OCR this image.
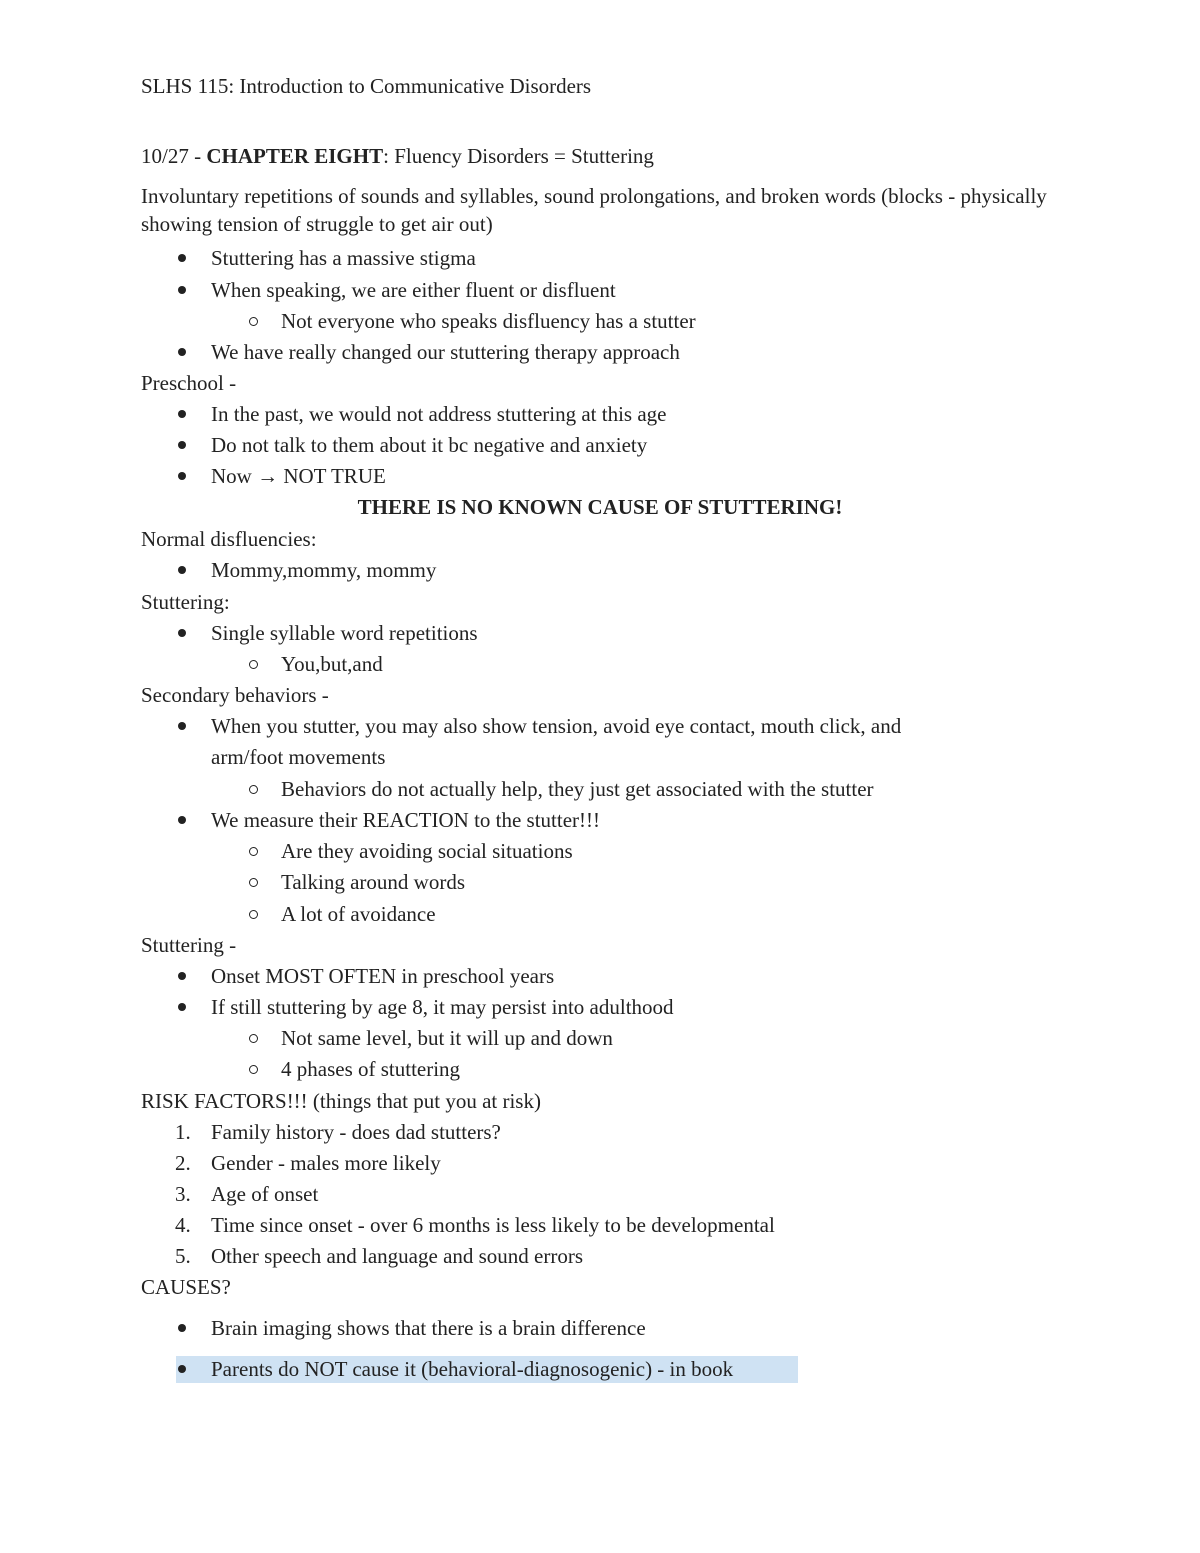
SLHS 115: Introduction to Communicative Disorders
10/27 - CHAPTER EIGHT: Fluency Disorders = Stuttering
Involuntary repetitions of sounds and syllables, sound prolongations, and broken words (blocks - physically showing tension of struggle to get air out)
Stuttering has a massive stigma
When speaking, we are either fluent or disfluent
Not everyone who speaks disfluency has a stutter
We have really changed our stuttering therapy approach
Preschool -
In the past, we would not address stuttering at this age
Do not talk to them about it bc negative and anxiety
Now → NOT TRUE
THERE IS NO KNOWN CAUSE OF STUTTERING!
Normal disfluencies:
Mommy,mommy, mommy
Stuttering:
Single syllable word repetitions
You,but,and
Secondary behaviors -
When you stutter, you may also show tension, avoid eye contact, mouth click, and
arm/foot movements
Behaviors do not actually help, they just get associated with the stutter
We measure their REACTION to the stutter!!!
Are they avoiding social situations
Talking around words
A lot of avoidance
Stuttering -
Onset MOST OFTEN in preschool years
If still stuttering by age 8, it may persist into adulthood
Not same level, but it will up and down
4 phases of stuttering
RISK FACTORS!!! (things that put you at risk)
1. Family history - does dad stutters?
2. Gender - males more likely
3. Age of onset
4. Time since onset - over 6 months is less likely to be developmental
5. Other speech and language and sound errors
CAUSES?
Brain imaging shows that there is a brain difference
Parents do NOT cause it (behavioral-diagnosogenic) - in book
